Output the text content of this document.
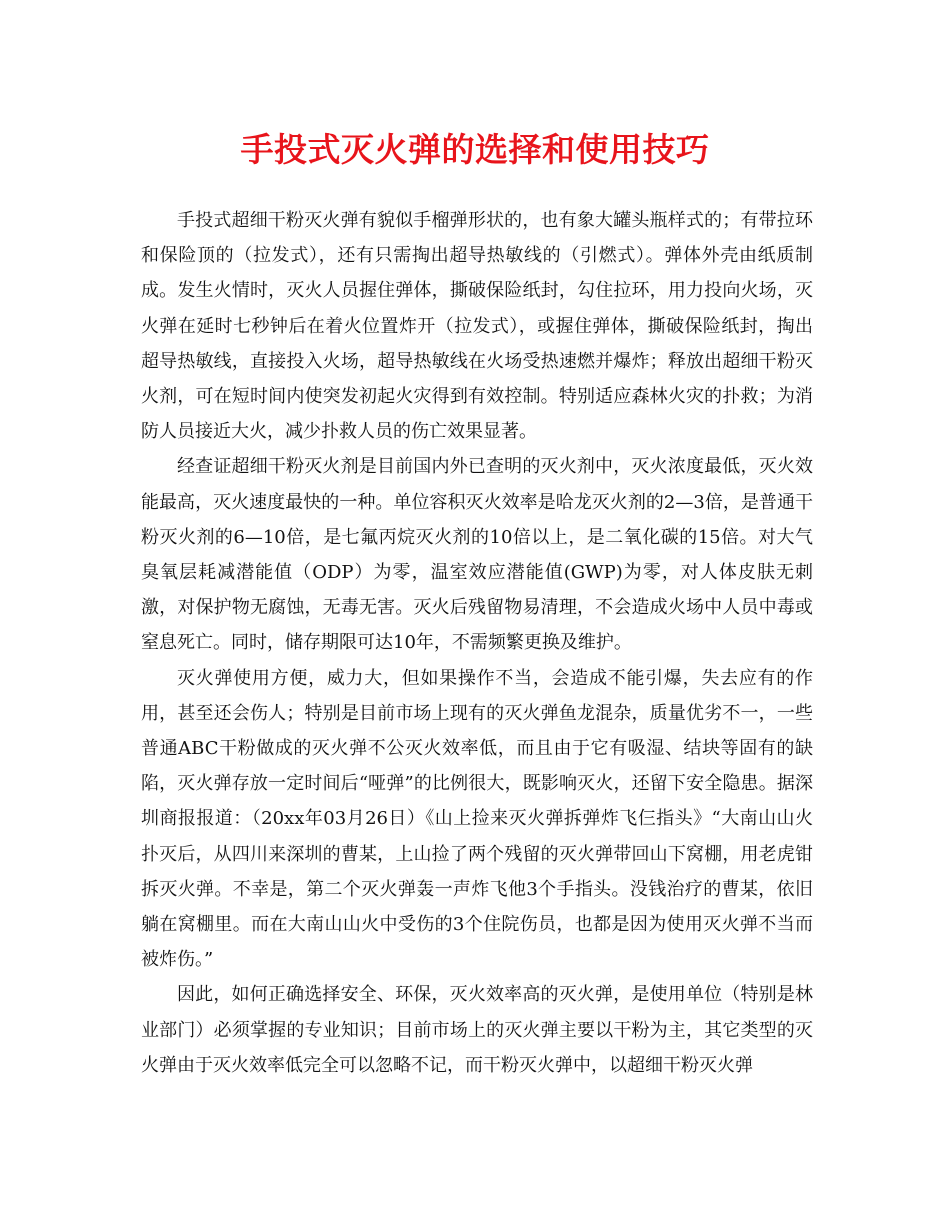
手投式灭火弹的选择和使用技巧

手投式超细干粉灭火弹有貌似手榴弹形状的，也有象大罐头瓶样式的；有带拉环和保险顶的（拉发式），还有只需掏出超导热敏线的（引燃式）。弹体外壳由纸质制成。发生火情时，灭火人员握住弹体，撕破保险纸封，勾住拉环，用力投向火场，灭火弹在延时七秒钟后在着火位置炸开（拉发式），或握住弹体，撕破保险纸封，掏出超导热敏线，直接投入火场，超导热敏线在火场受热速燃并爆炸；释放出超细干粉灭火剂，可在短时间内使突发初起火灾得到有效控制。特别适应森林火灾的扑救；为消防人员接近大火，减少扑救人员的伤亡效果显著。

经查证超细干粉灭火剂是目前国内外已查明的灭火剂中，灭火浓度最低，灭火效能最高，灭火速度最快的一种。单位容积灭火效率是哈龙灭火剂的2—3倍，是普通干粉灭火剂的6—10倍，是七氟丙烷灭火剂的10倍以上，是二氧化碳的15倍。对大气臭氧层耗减潜能值（ODP）为零，温室效应潜能值(GWP)为零，对人体皮肤无刺激，对保护物无腐蚀，无毒无害。灭火后残留物易清理，不会造成火场中人员中毒或窒息死亡。同时，储存期限可达10年，不需频繁更换及维护。

灭火弹使用方便，威力大，但如果操作不当，会造成不能引爆，失去应有的作用，甚至还会伤人；特别是目前市场上现有的灭火弹鱼龙混杂，质量优劣不一，一些普通ABC干粉做成的灭火弹不公灭火效率低，而且由于它有吸湿、结块等固有的缺陷，灭火弹存放一定时间后“哑弹”的比例很大，既影响灭火，还留下安全隐患。据深圳商报报道：（20xx年03月26日）《山上捡来灭火弹拆弹炸飞仨指头》“大南山山火扑灭后，从四川来深圳的曹某，上山捡了两个残留的灭火弹带回山下窝棚，用老虎钳拆灭火弹。不幸是，第二个灭火弹轰一声炸飞他3个手指头。没钱治疗的曹某，依旧躺在窝棚里。而在大南山山火中受伤的3个住院伤员，也都是因为使用灭火弹不当而被炸伤。”

因此，如何正确选择安全、环保，灭火效率高的灭火弹，是使用单位（特别是林业部门）必须掌握的专业知识；目前市场上的灭火弹主要以干粉为主，其它类型的灭火弹由于灭火效率低完全可以忽略不记，而干粉灭火弹中，以超细干粉灭火弹
